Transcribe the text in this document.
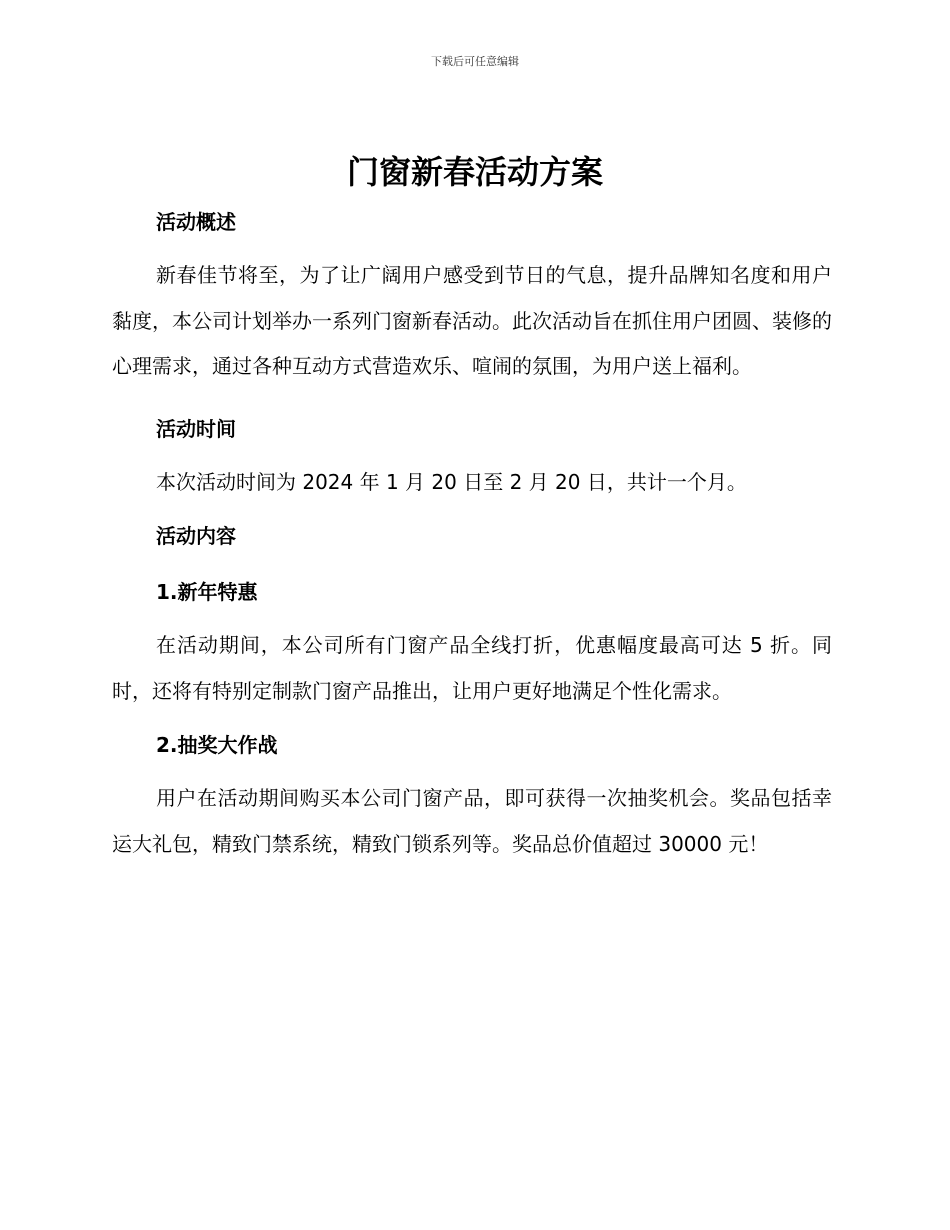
下载后可任意编辑
门窗新春活动方案

活动概述

新春佳节将至，为了让广阔用户感受到节日的气息，提升品牌知名度和用户黏度，本公司计划举办一系列门窗新春活动。此次活动旨在抓住用户团圆、装修的心理需求，通过各种互动方式营造欢乐、喧闹的氛围，为用户送上福利。

活动时间

本次活动时间为 2024 年 1 月 20 日至 2 月 20 日，共计一个月。

活动内容

1.新年特惠

在活动期间，本公司所有门窗产品全线打折，优惠幅度最高可达 5 折。同时，还将有特别定制款门窗产品推出，让用户更好地满足个性化需求。

2.抽奖大作战

用户在活动期间购买本公司门窗产品，即可获得一次抽奖机会。奖品包括幸运大礼包，精致门禁系统，精致门锁系列等。奖品总价值超过 30000 元！
